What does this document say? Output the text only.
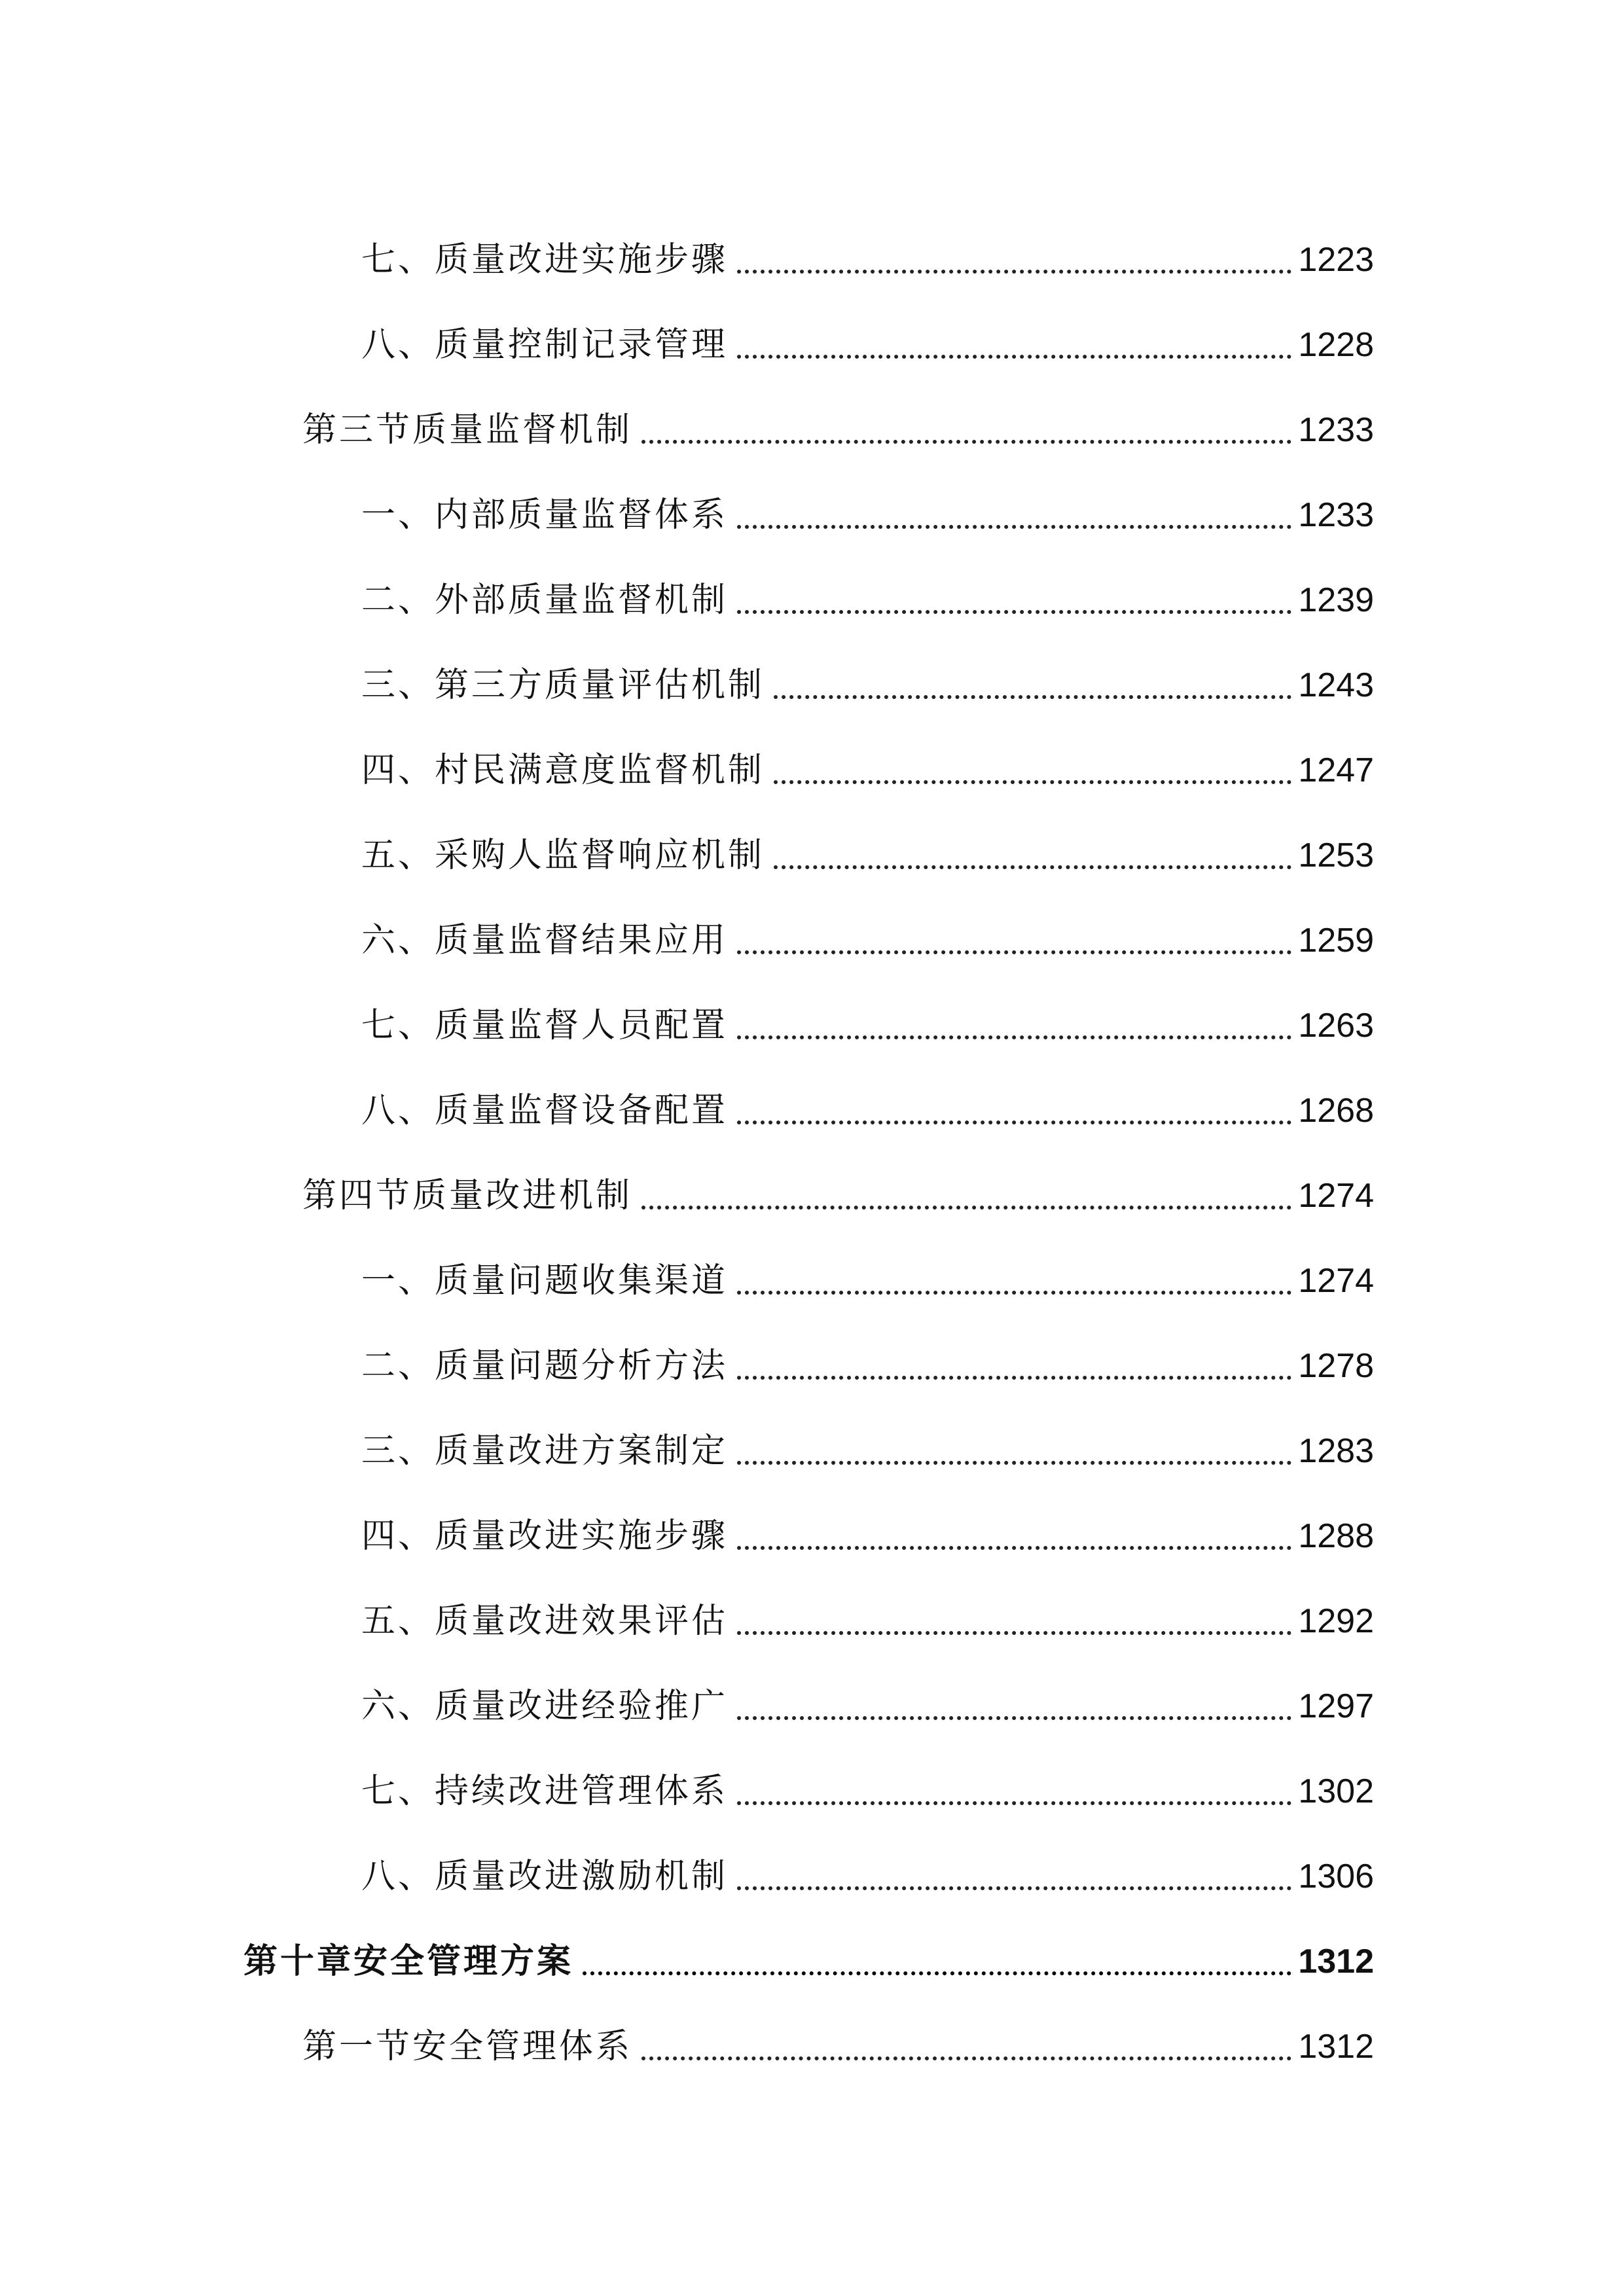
七、质量改进实施步骤	1223
八、质量控制记录管理	1228
第三节质量监督机制	1233
一、内部质量监督体系	1233
二、外部质量监督机制	1239
三、第三方质量评估机制	1243
四、村民满意度监督机制	1247
五、采购人监督响应机制	1253
六、质量监督结果应用	1259
七、质量监督人员配置	1263
八、质量监督设备配置	1268
第四节质量改进机制	1274
一、质量问题收集渠道	1274
二、质量问题分析方法	1278
三、质量改进方案制定	1283
四、质量改进实施步骤	1288
五、质量改进效果评估	1292
六、质量改进经验推广	1297
七、持续改进管理体系	1302
八、质量改进激励机制	1306
第十章安全管理方案	1312
第一节安全管理体系	1312
